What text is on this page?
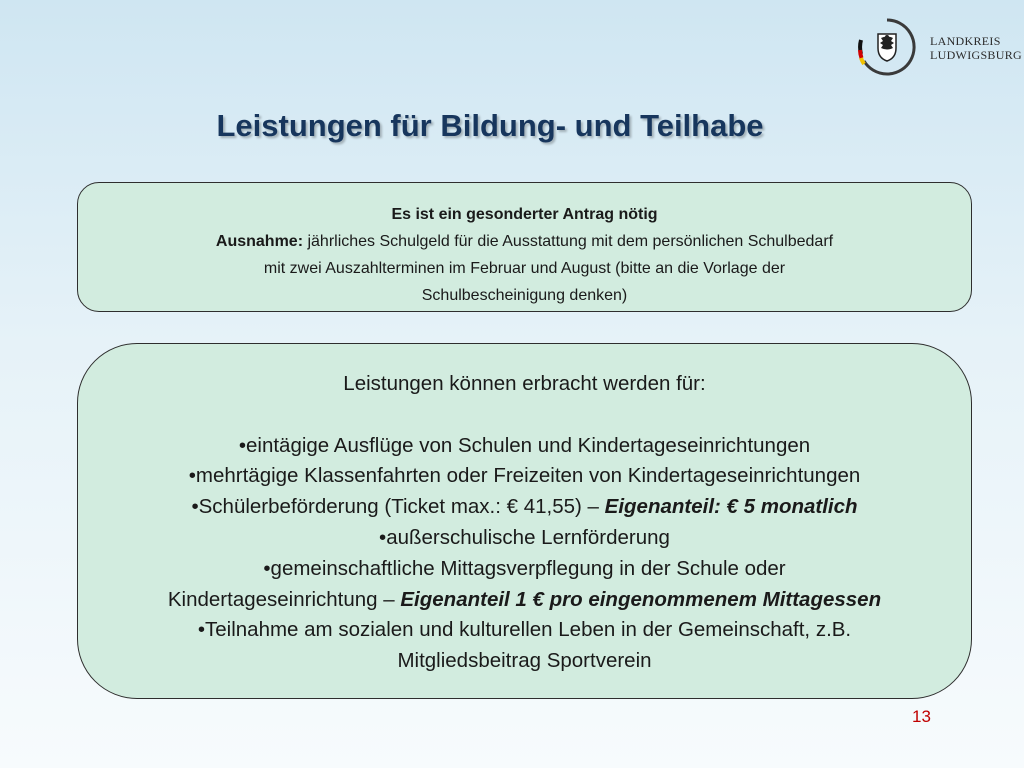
LANDKREIS
LUDWIGSBURG
Leistungen für Bildung- und Teilhabe
Es ist ein gesonderter Antrag nötig
Ausnahme: jährliches Schulgeld für die Ausstattung mit dem persönlichen Schulbedarf
mit zwei Auszahlterminen im Februar und August (bitte an die Vorlage der
Schulbescheinigung denken)
Leistungen können erbracht werden für:
•eintägige Ausflüge von Schulen und Kindertageseinrichtungen
•mehrtägige Klassenfahrten oder Freizeiten von Kindertageseinrichtungen
•Schülerbeförderung (Ticket max.: € 41,55) – Eigenanteil: € 5 monatlich
•außerschulische Lernförderung
•gemeinschaftliche Mittagsverpflegung in der Schule oder
Kindertageseinrichtung – Eigenanteil 1 € pro eingenommenem Mittagessen
•Teilnahme am sozialen und kulturellen Leben in der Gemeinschaft, z.B.
Mitgliedsbeitrag Sportverein
13
